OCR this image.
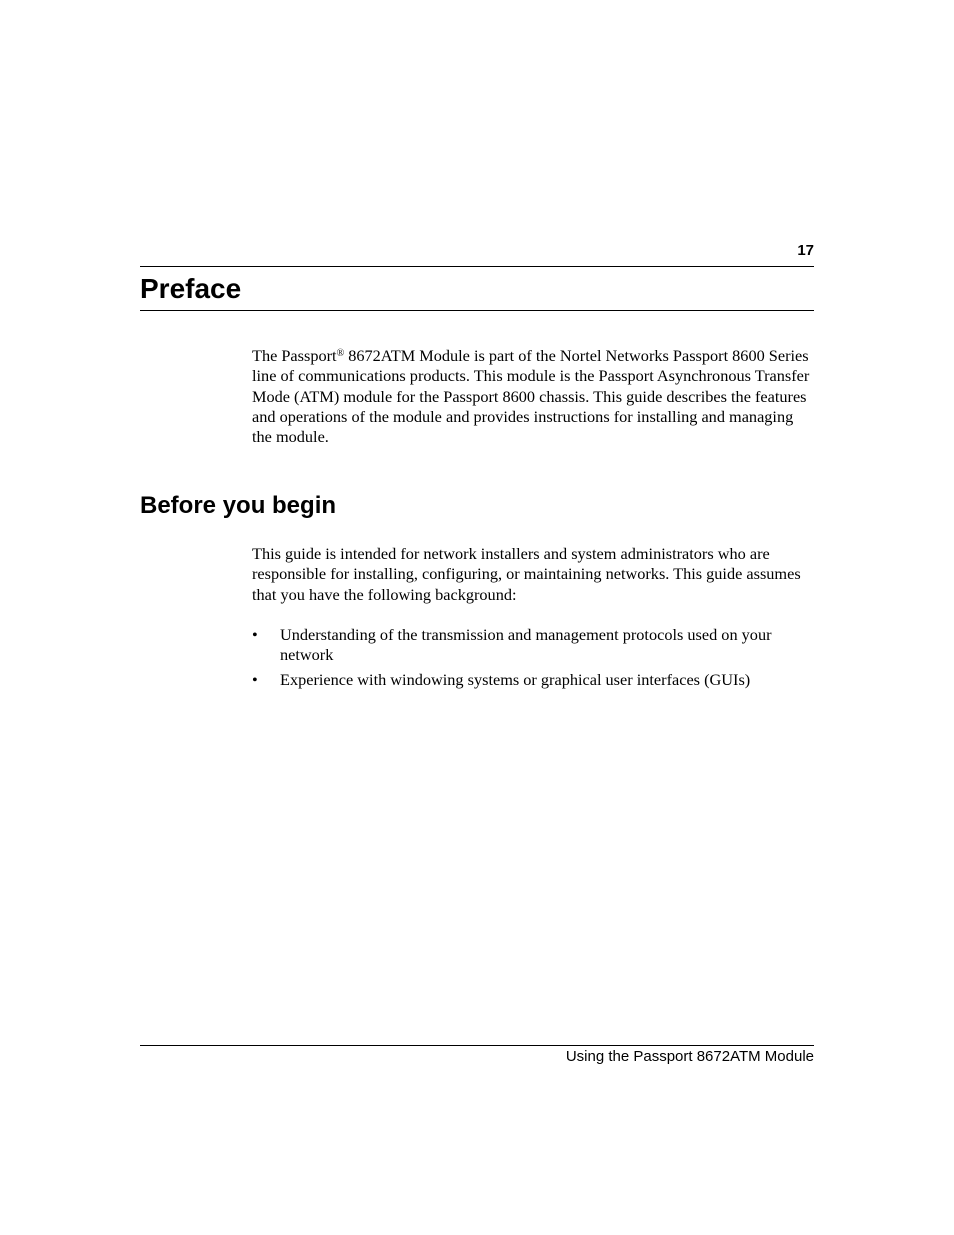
17
Preface

The Passport® 8672ATM Module is part of the Nortel Networks Passport 8600 Series line of communications products. This module is the Passport Asynchronous Transfer Mode (ATM) module for the Passport 8600 chassis. This guide describes the features and operations of the module and provides instructions for installing and managing the module.

Before you begin

This guide is intended for network installers and system administrators who are responsible for installing, configuring, or maintaining networks. This guide assumes that you have the following background:

• Understanding of the transmission and management protocols used on your network
• Experience with windowing systems or graphical user interfaces (GUIs)
Using the Passport 8672ATM Module
